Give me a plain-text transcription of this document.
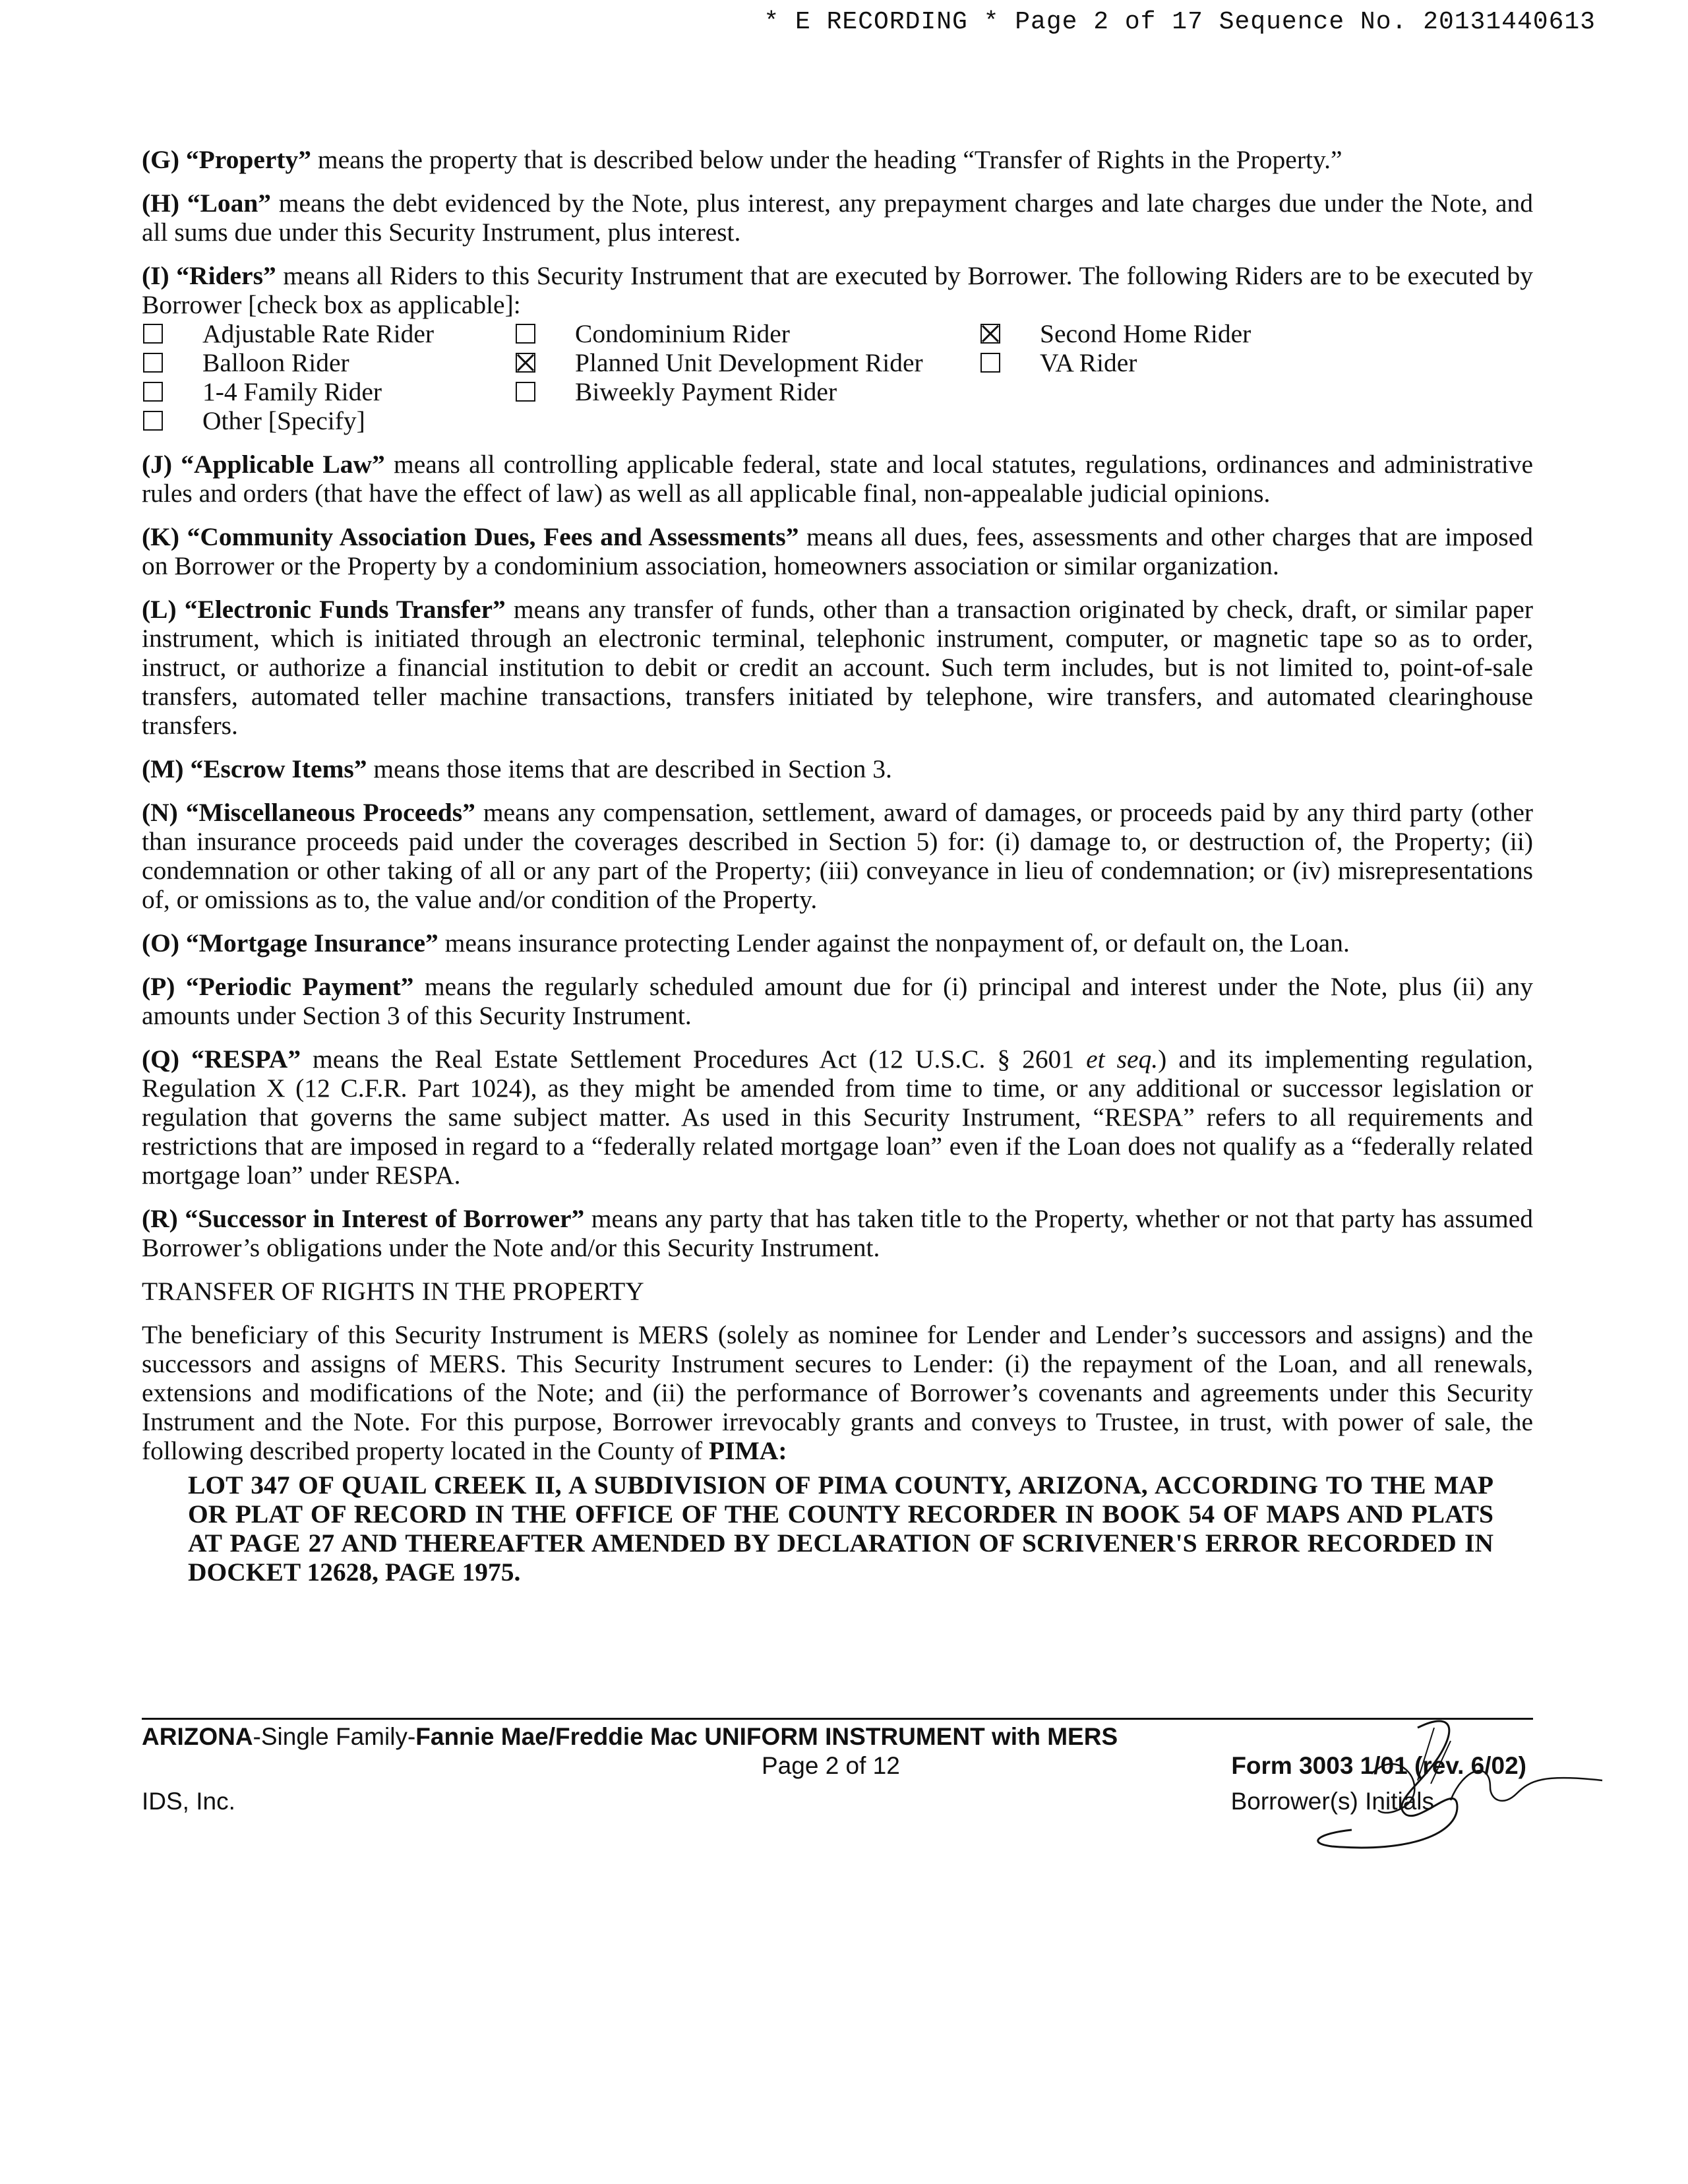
* E RECORDING * Page 2 of 17 Sequence No. 20131440613

(G) “Property” means the property that is described below under the heading “Transfer of Rights in the Property.”

(H) “Loan” means the debt evidenced by the Note, plus interest, any prepayment charges and late charges due under the Note, and all sums due under this Security Instrument, plus interest.

(I) “Riders” means all Riders to this Security Instrument that are executed by Borrower. The following Riders are to be executed by Borrower [check box as applicable]:

Adjustable Rate Rider	Condominium Rider	Second Home Rider
Balloon Rider	Planned Unit Development Rider	VA Rider
1-4 Family Rider	Biweekly Payment Rider
Other [Specify]

(J) “Applicable Law” means all controlling applicable federal, state and local statutes, regulations, ordinances and administrative rules and orders (that have the effect of law) as well as all applicable final, non-appealable judicial opinions.

(K) “Community Association Dues, Fees and Assessments” means all dues, fees, assessments and other charges that are imposed on Borrower or the Property by a condominium association, homeowners association or similar organization.

(L) “Electronic Funds Transfer” means any transfer of funds, other than a transaction originated by check, draft, or similar paper instrument, which is initiated through an electronic terminal, telephonic instrument, computer, or magnetic tape so as to order, instruct, or authorize a financial institution to debit or credit an account. Such term includes, but is not limited to, point-of-sale transfers, automated teller machine transactions, transfers initiated by telephone, wire transfers, and automated clearinghouse transfers.

(M) “Escrow Items” means those items that are described in Section 3.

(N) “Miscellaneous Proceeds” means any compensation, settlement, award of damages, or proceeds paid by any third party (other than insurance proceeds paid under the coverages described in Section 5) for: (i) damage to, or destruction of, the Property; (ii) condemnation or other taking of all or any part of the Property; (iii) conveyance in lieu of condemnation; or (iv) misrepresentations of, or omissions as to, the value and/or condition of the Property.

(O) “Mortgage Insurance” means insurance protecting Lender against the nonpayment of, or default on, the Loan.

(P) “Periodic Payment” means the regularly scheduled amount due for (i) principal and interest under the Note, plus (ii) any amounts under Section 3 of this Security Instrument.

(Q) “RESPA” means the Real Estate Settlement Procedures Act (12 U.S.C. § 2601 et seq.) and its implementing regulation, Regulation X (12 C.F.R. Part 1024), as they might be amended from time to time, or any additional or successor legislation or regulation that governs the same subject matter. As used in this Security Instrument, “RESPA” refers to all requirements and restrictions that are imposed in regard to a “federally related mortgage loan” even if the Loan does not qualify as a “federally related mortgage loan” under RESPA.

(R) “Successor in Interest of Borrower” means any party that has taken title to the Property, whether or not that party has assumed Borrower’s obligations under the Note and/or this Security Instrument.

TRANSFER OF RIGHTS IN THE PROPERTY

The beneficiary of this Security Instrument is MERS (solely as nominee for Lender and Lender’s successors and assigns) and the successors and assigns of MERS. This Security Instrument secures to Lender: (i) the repayment of the Loan, and all renewals, extensions and modifications of the Note; and (ii) the performance of Borrower’s covenants and agreements under this Security Instrument and the Note. For this purpose, Borrower irrevocably grants and conveys to Trustee, in trust, with power of sale, the following described property located in the County of PIMA:

LOT 347 OF QUAIL CREEK II, A SUBDIVISION OF PIMA COUNTY, ARIZONA, ACCORDING TO THE MAP OR PLAT OF RECORD IN THE OFFICE OF THE COUNTY RECORDER IN BOOK 54 OF MAPS AND PLATS AT PAGE 27 AND THEREAFTER AMENDED BY DECLARATION OF SCRIVENER'S ERROR RECORDED IN DOCKET 12628, PAGE 1975.

ARIZONA-Single Family-Fannie Mae/Freddie Mac UNIFORM INSTRUMENT with MERS
Page 2 of 12	Form 3003 1/01 (rev. 6/02)
IDS, Inc.	Borrower(s) Initials
